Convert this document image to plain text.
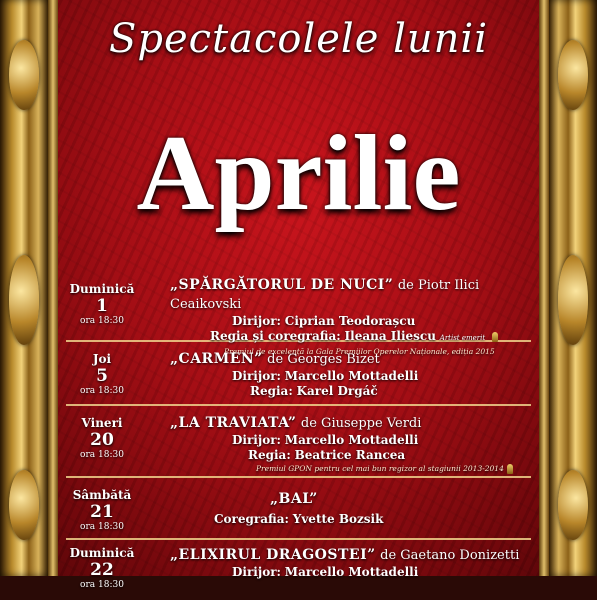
Spectacolele lunii
Aprilie
Duminică
1
ora 18:30
„SPĂRGĂTORUL DE NUCI” de Piotr Ilici Ceaikovski
Dirijor: Ciprian Teodorașcu
Regia și coregrafia: Ileana Iliescu Artist emerit
Premiul de excelență la Gala Premiilor Operelor Naționale, ediția 2015
Joi
5
ora 18:30
„CARMEN” de Georges Bizet
Dirijor: Marcello Mottadelli
Regia: Karel Drgáč
Vineri
20
ora 18:30
„LA TRAVIATA” de Giuseppe Verdi
Dirijor: Marcello Mottadelli
Regia: Beatrice Rancea
Premiul GPON pentru cel mai bun regizor al stagiunii 2013-2014
Sâmbătă
21
ora 18:30
„BAL”
Coregrafia: Yvette Bozsik
Duminică
22
ora 18:30
„ELIXIRUL DRAGOSTEI” de Gaetano Donizetti
Dirijor: Marcello Mottadelli
